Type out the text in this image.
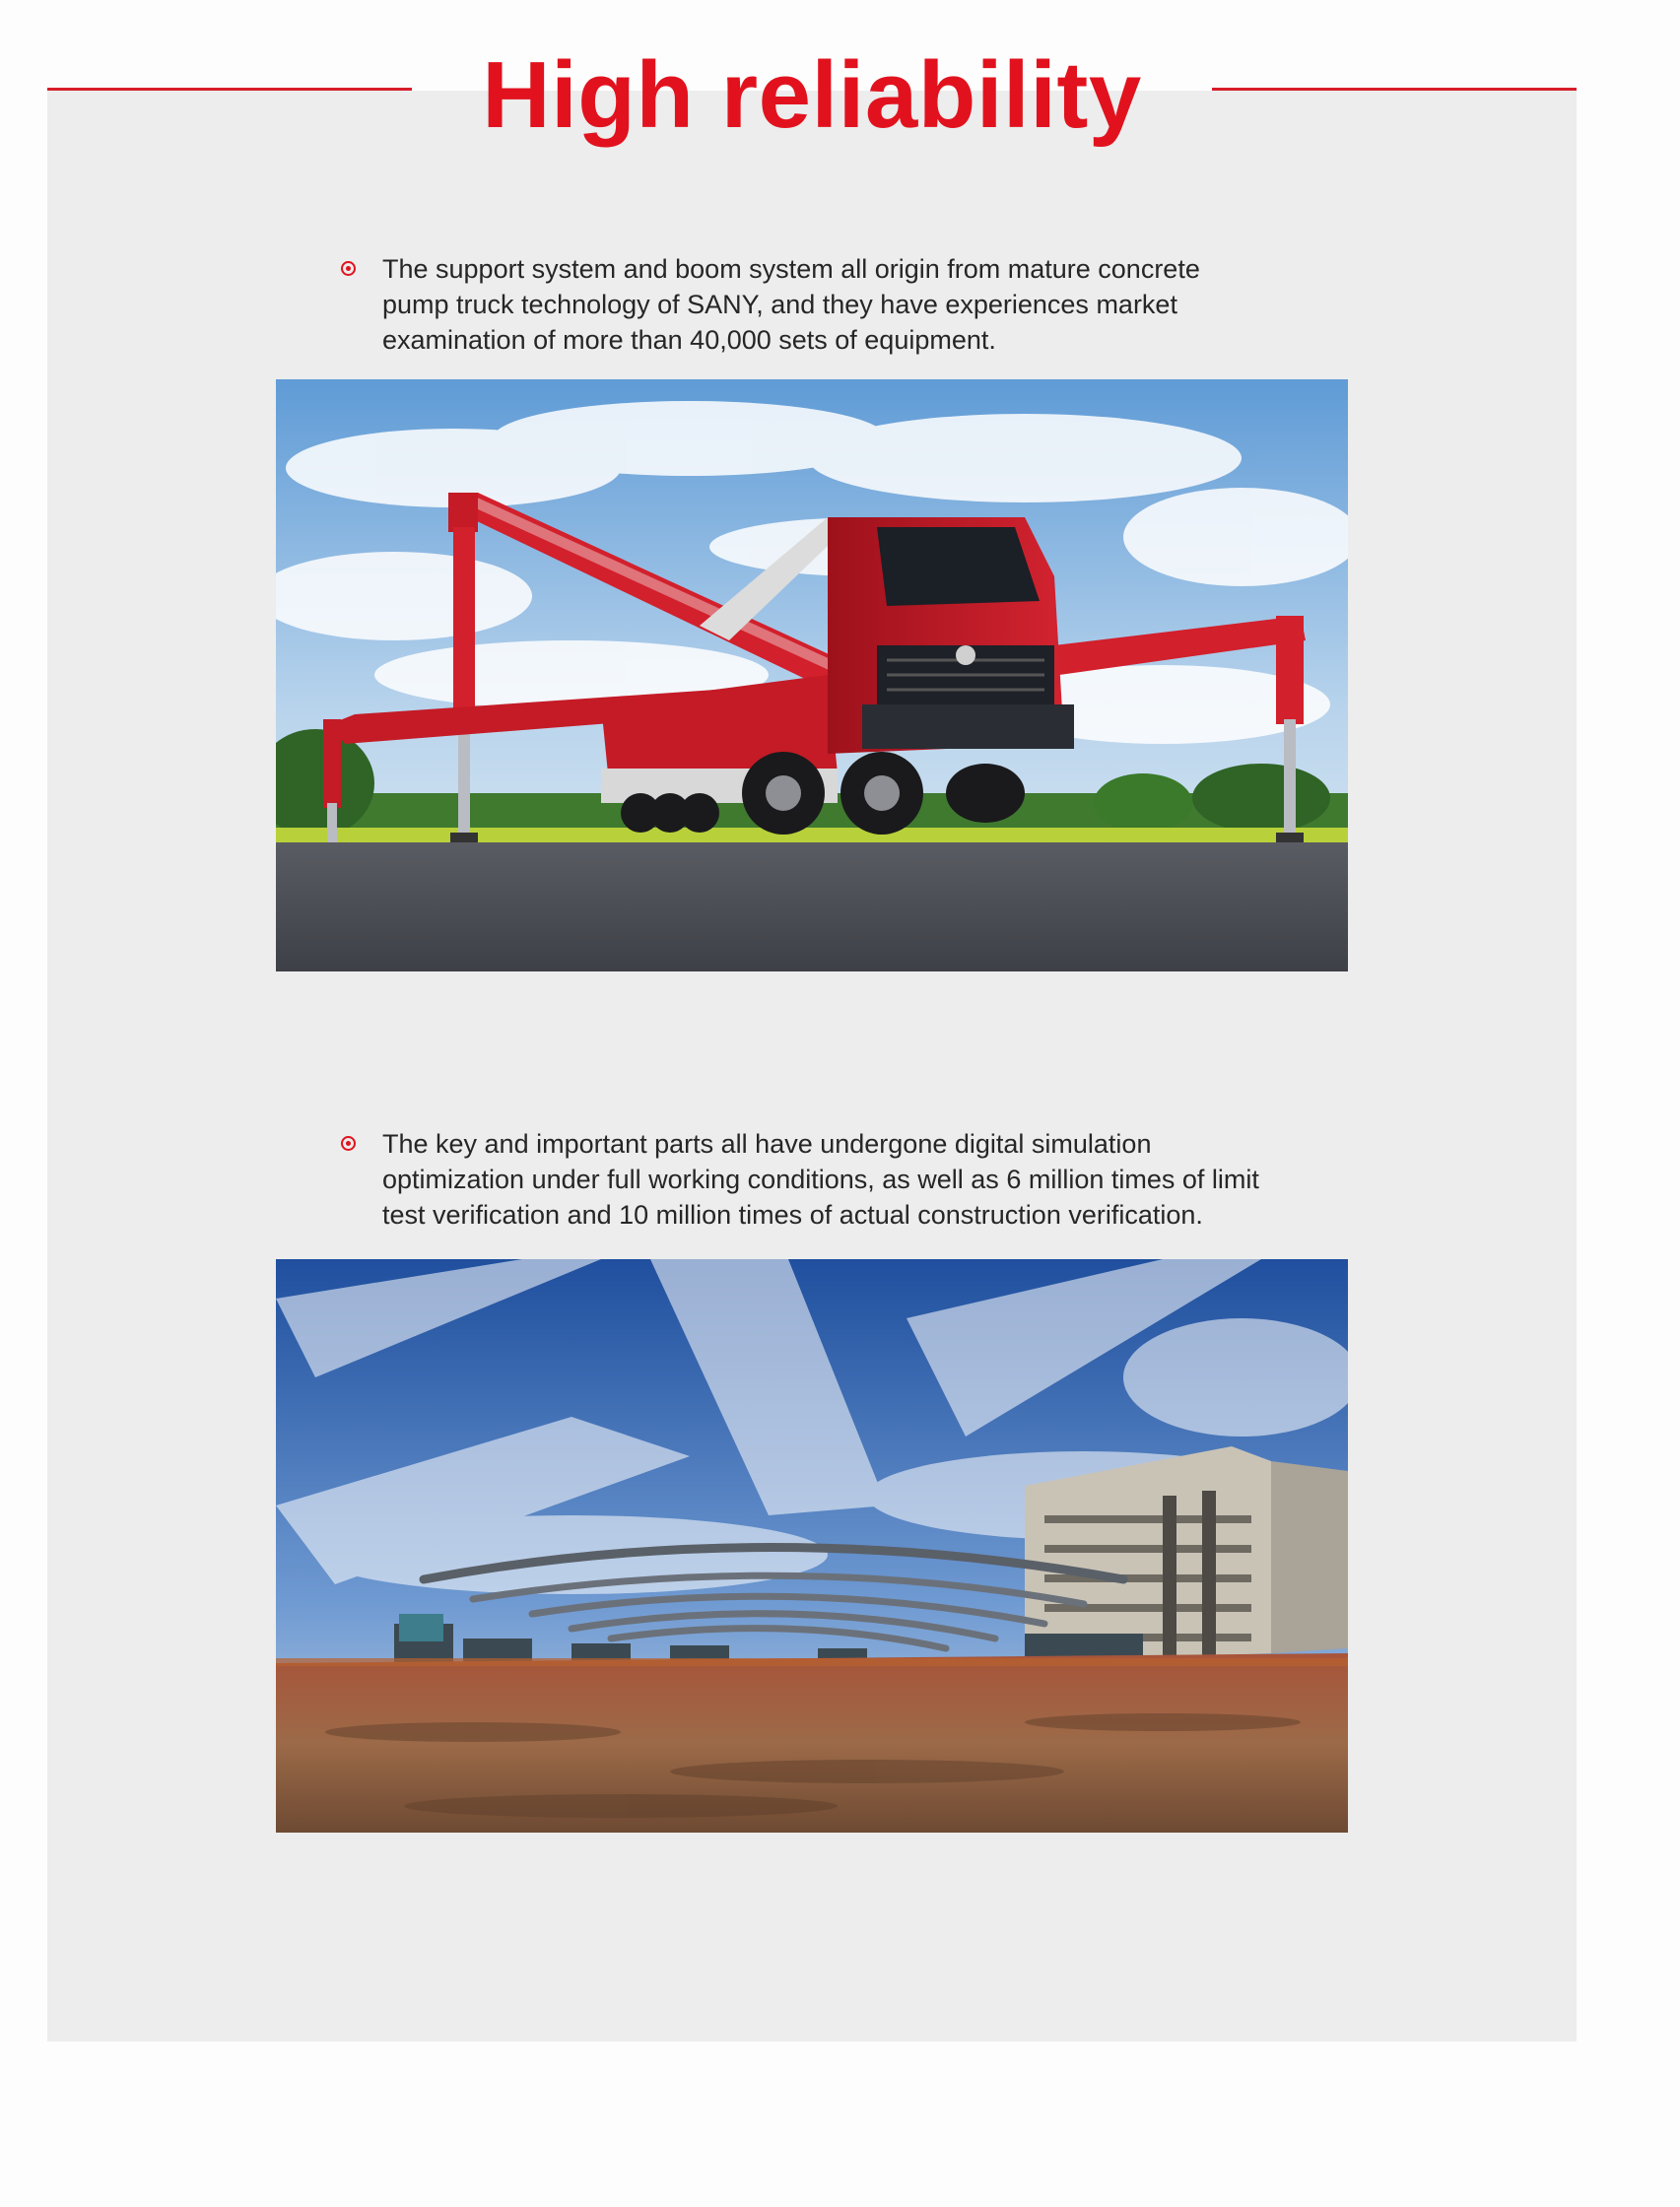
High reliability

The support system and boom system all origin from mature concrete
pump truck technology of SANY, and they have experiences market
examination of more than 40,000 sets of equipment.

The key and important parts all have undergone digital simulation
optimization under full working conditions, as well as 6 million times of limit
test verification and 10 million times of actual construction verification.
